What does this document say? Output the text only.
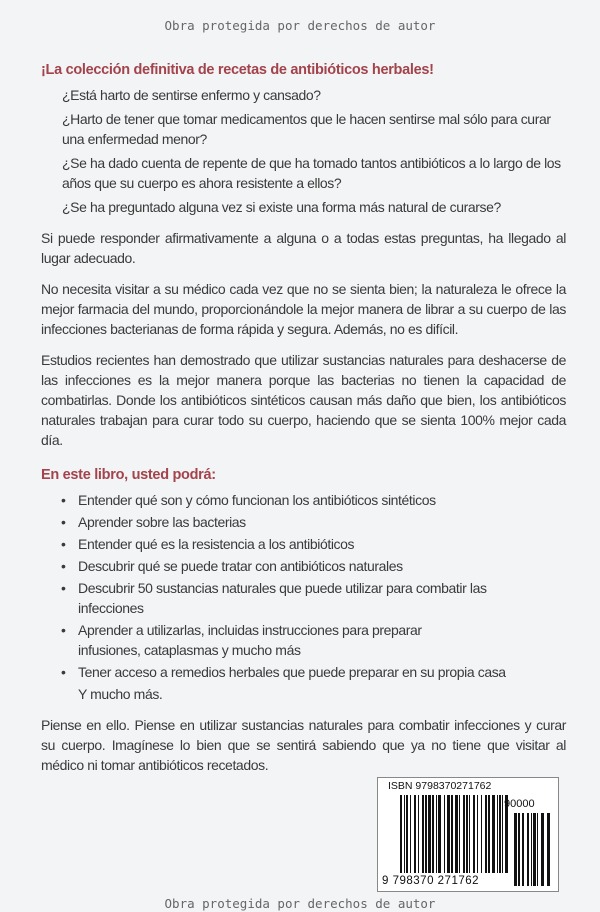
Obra protegida por derechos de autor
¡La colección definitiva de recetas de antibióticos herbales!
¿Está harto de sentirse enfermo y cansado?
¿Harto de tener que tomar medicamentos que le hacen sentirse mal sólo para curar una enfermedad menor?
¿Se ha dado cuenta de repente de que ha tomado tantos antibióticos a lo largo de los años que su cuerpo es ahora resistente a ellos?
¿Se ha preguntado alguna vez si existe una forma más natural de curarse?

Si puede responder afirmativamente a alguna o a todas estas preguntas, ha llegado al lugar adecuado.

No necesita visitar a su médico cada vez que no se sienta bien; la naturaleza le ofrece la mejor farmacia del mundo, proporcionándole la mejor manera de librar a su cuerpo de las infecciones bacterianas de forma rápida y segura. Además, no es difícil.

Estudios recientes han demostrado que utilizar sustancias naturales para deshacerse de las infecciones es la mejor manera porque las bacterias no tienen la capacidad de combatirlas. Donde los antibióticos sintéticos causan más daño que bien, los antibióticos naturales trabajan para curar todo su cuerpo, haciendo que se sienta 100% mejor cada día.

En este libro, usted podrá:
• Entender qué son y cómo funcionan los antibióticos sintéticos
• Aprender sobre las bacterias
• Entender qué es la resistencia a los antibióticos
• Descubrir qué se puede tratar con antibióticos naturales
• Descubrir 50 sustancias naturales que puede utilizar para combatir las infecciones
• Aprender a utilizarlas, incluidas instrucciones para preparar infusiones, cataplasmas y mucho más
• Tener acceso a remedios herbales que puede preparar en su propia casa
Y mucho más.

Piense en ello. Piense en utilizar sustancias naturales para combatir infecciones y curar su cuerpo. Imagínese lo bien que se sentirá sabiendo que ya no tiene que visitar al médico ni tomar antibióticos recetados.

ISBN 9798370271762
90000
9 798370 271762
Obra protegida por derechos de autor
